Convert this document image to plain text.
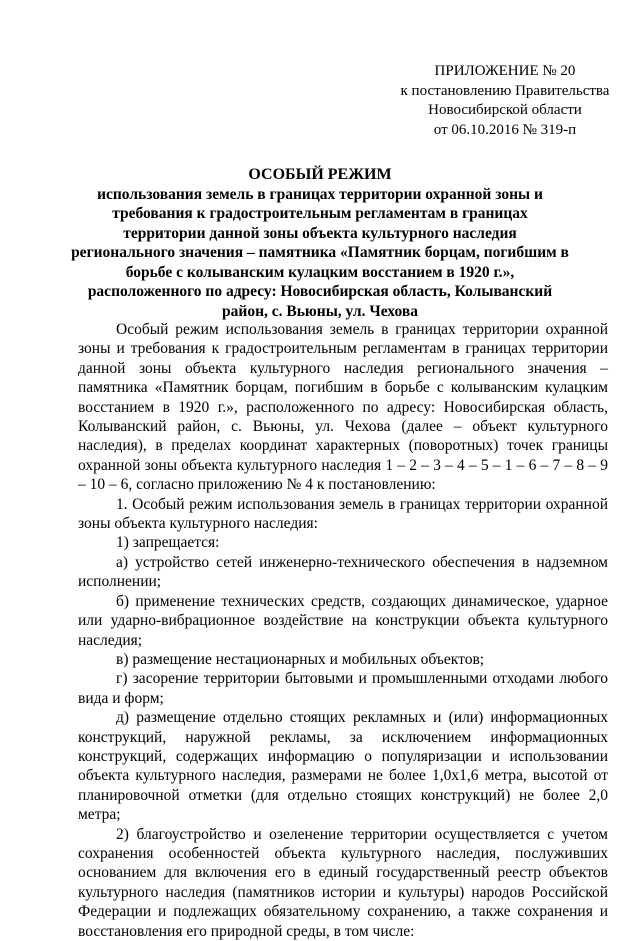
ПРИЛОЖЕНИЕ № 20
к постановлению Правительства
Новосибирской области
от 06.10.2016 № 319-п
ОСОБЫЙ РЕЖИМ
использования земель в границах территории охранной зоны и требования к градостроительным регламентам в границах территории данной зоны объекта культурного наследия регионального значения – памятника «Памятник борцам, погибшим в борьбе с колыванским кулацким восстанием в 1920 г.», расположенного по адресу: Новосибирская область, Колыванский район, с. Вьюны, ул. Чехова

Особый режим использования земель в границах территории охранной зоны и требования к градостроительным регламентам в границах территории данной зоны объекта культурного наследия регионального значения – памятника «Памятник борцам, погибшим в борьбе с колыванским кулацким восстанием в 1920 г.», расположенного по адресу: Новосибирская область, Колыванский район, с. Вьюны, ул. Чехова (далее – объект культурного наследия), в пределах координат характерных (поворотных) точек границы охранной зоны объекта культурного наследия 1 – 2 – 3 – 4 – 5 – 1 – 6 – 7 – 8 – 9 – 10 – 6, согласно приложению № 4 к постановлению:

1. Особый режим использования земель в границах территории охранной зоны объекта культурного наследия:

1) запрещается:

а) устройство сетей инженерно-технического обеспечения в надземном исполнении;

б) применение технических средств, создающих динамическое, ударное или ударно-вибрационное воздействие на конструкции объекта культурного наследия;

в) размещение нестационарных и мобильных объектов;

г) засорение территории бытовыми и промышленными отходами любого вида и форм;

д) размещение отдельно стоящих рекламных и (или) информационных конструкций, наружной рекламы, за исключением информационных конструкций, содержащих информацию о популяризации и использовании объекта культурного наследия, размерами не более 1,0х1,6 метра, высотой от планировочной отметки (для отдельно стоящих конструкций) не более 2,0 метра;

2) благоустройство и озеленение территории осуществляется с учетом сохранения особенностей объекта культурного наследия, послуживших основанием для включения его в единый государственный реестр объектов культурного наследия (памятников истории и культуры) народов Российской Федерации и подлежащих обязательному сохранению, а также сохранения и восстановления его природной среды, в том числе:
